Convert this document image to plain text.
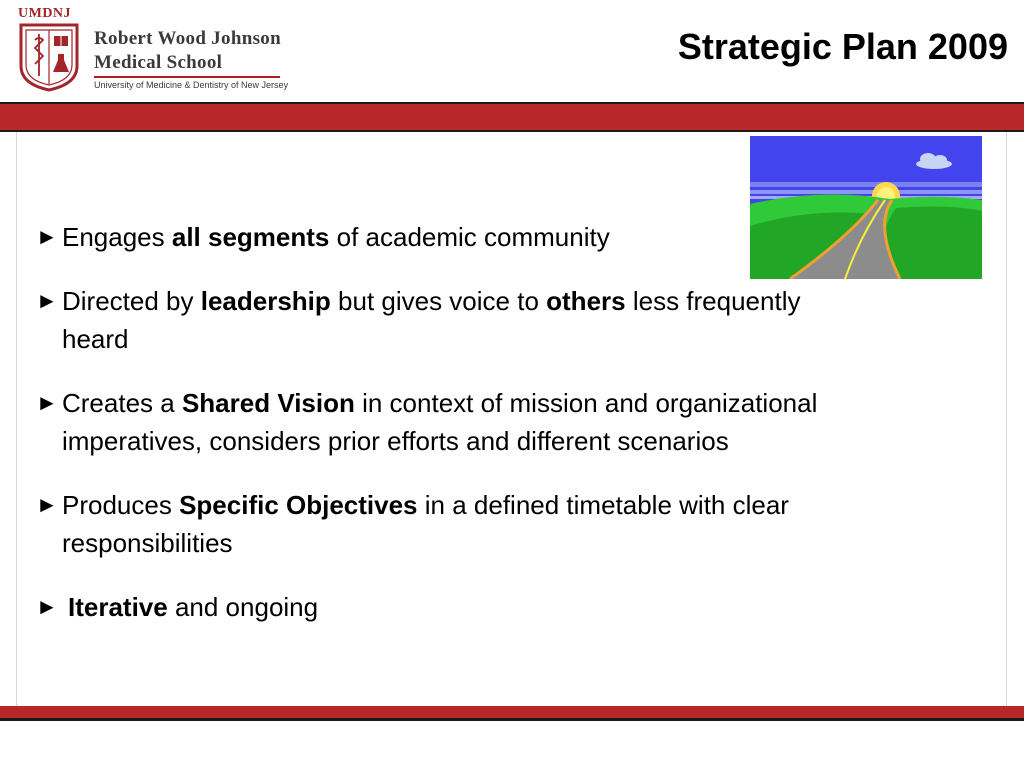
UMDNJ
Robert Wood Johnson
Medical School
University of Medicine & Dentistry of New Jersey
Strategic Plan 2009
► Engages all segments of academic community
► Directed by leadership but gives voice to others less frequently heard
► Creates a Shared Vision in context of mission and organizational imperatives, considers prior efforts and different scenarios
► Produces Specific Objectives in a defined timetable with clear responsibilities
► Iterative and ongoing
